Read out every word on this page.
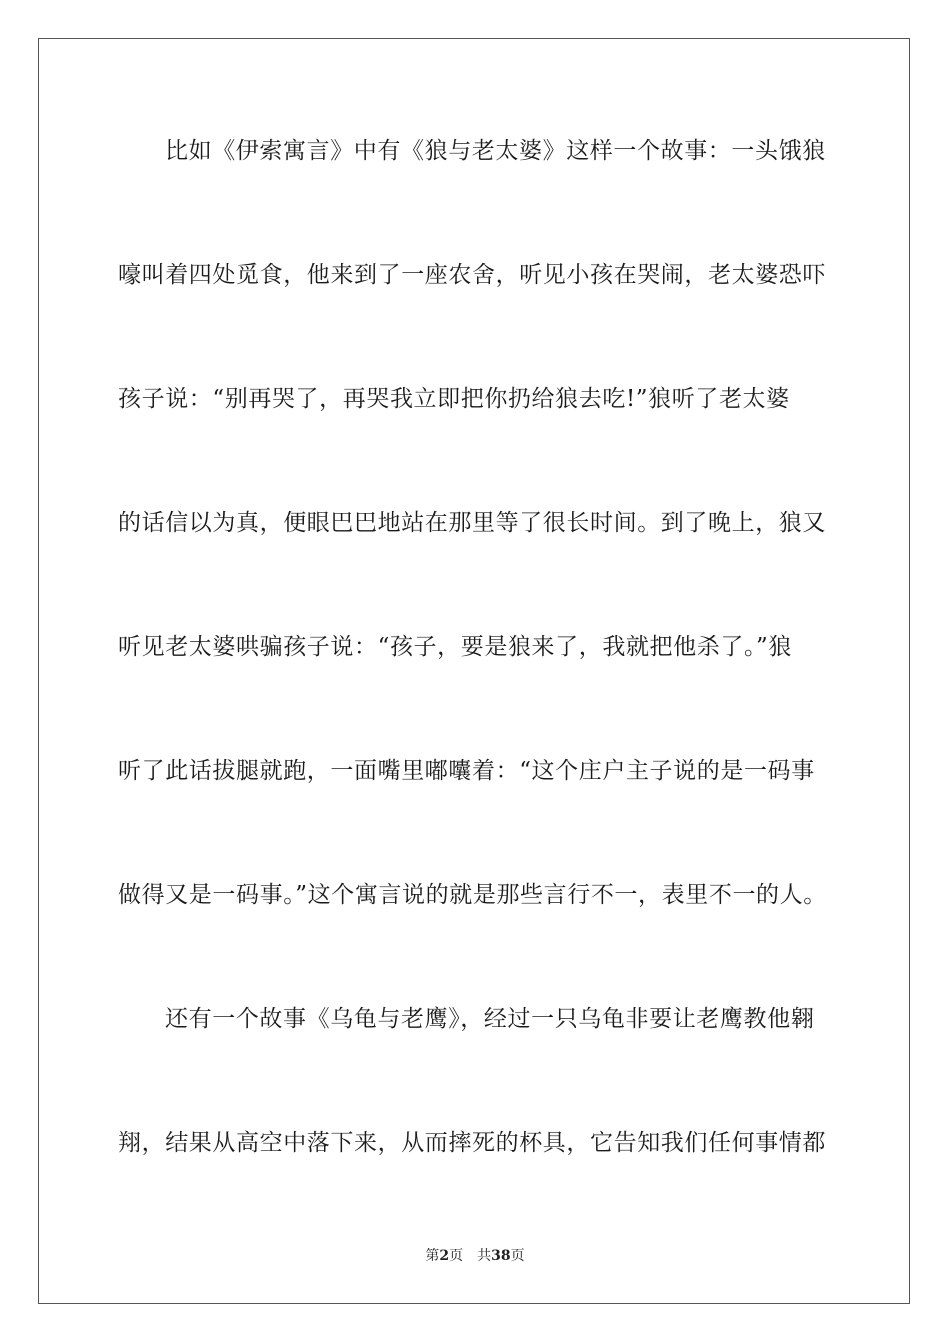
比如《伊索寓言》中有《狼与老太婆》这样一个故事：一头饿狼
嚎叫着四处觅食，他来到了一座农舍，听见小孩在哭闹，老太婆恐吓
孩子说：“别再哭了，再哭我立即把你扔给狼去吃!”狼听了老太婆
的话信以为真，便眼巴巴地站在那里等了很长时间。到了晚上，狼又
听见老太婆哄骗孩子说：“孩子，要是狼来了，我就把他杀了。”狼
听了此话拔腿就跑，一面嘴里嘟囔着：“这个庄户主子说的是一码事
做得又是一码事。”这个寓言说的就是那些言行不一，表里不一的人。
还有一个故事《乌龟与老鹰》，经过一只乌龟非要让老鹰教他翱
翔，结果从高空中落下来，从而摔死的杯具，它告知我们任何事情都
第2页 共38页
